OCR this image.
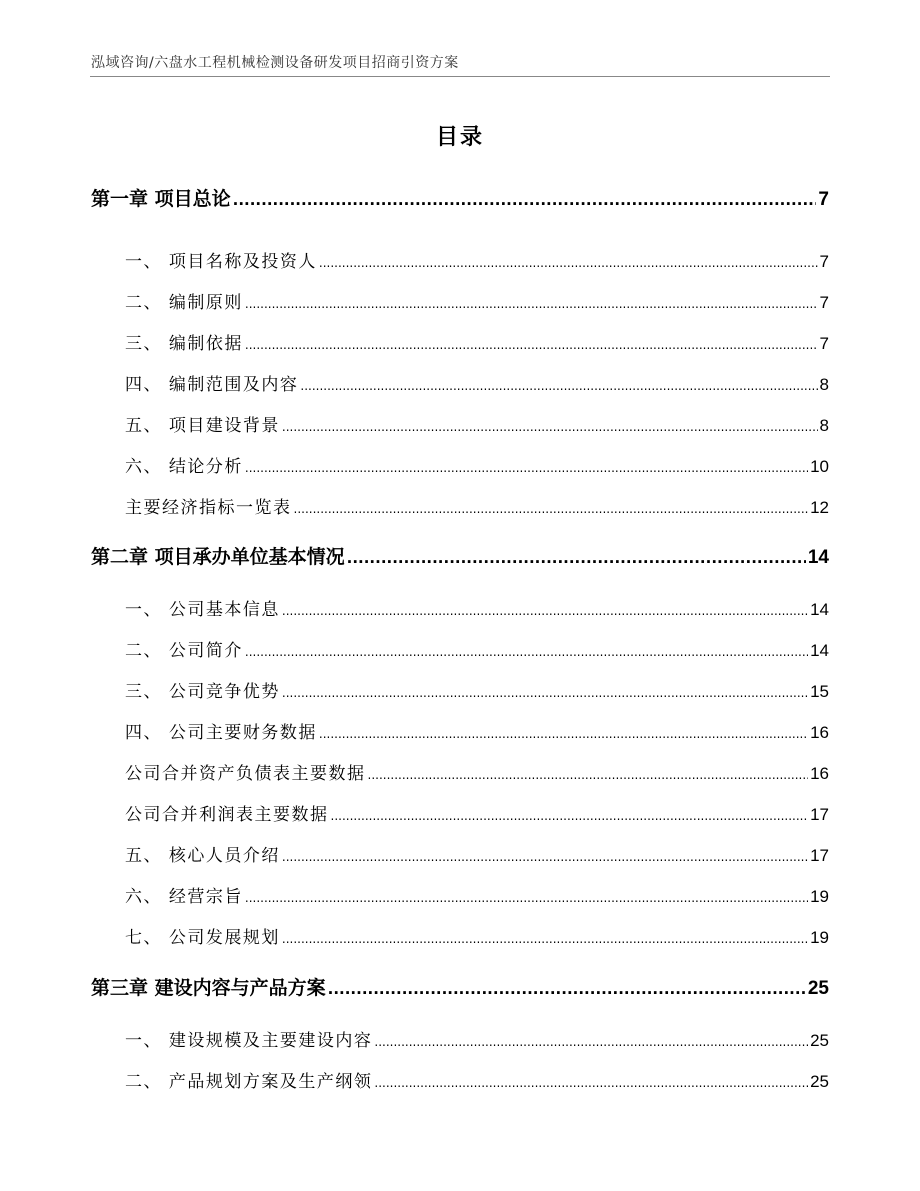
泓域咨询/六盘水工程机械检测设备研发项目招商引资方案
目录
第一章 项目总论 .....	7
一、 项目名称及投资人 .....	7
二、 编制原则 .....	7
三、 编制依据 .....	7
四、 编制范围及内容 .....	8
五、 项目建设背景 .....	8
六、 结论分析 .....	10
主要经济指标一览表 .....	12
第二章 项目承办单位基本情况 .....	14
一、 公司基本信息 .....	14
二、 公司简介 .....	14
三、 公司竞争优势 .....	15
四、 公司主要财务数据 .....	16
公司合并资产负债表主要数据 .....	16
公司合并利润表主要数据 .....	17
五、 核心人员介绍 .....	17
六、 经营宗旨 .....	19
七、 公司发展规划 .....	19
第三章 建设内容与产品方案 .....	25
一、 建设规模及主要建设内容 .....	25
二、 产品规划方案及生产纲领 .....	25
